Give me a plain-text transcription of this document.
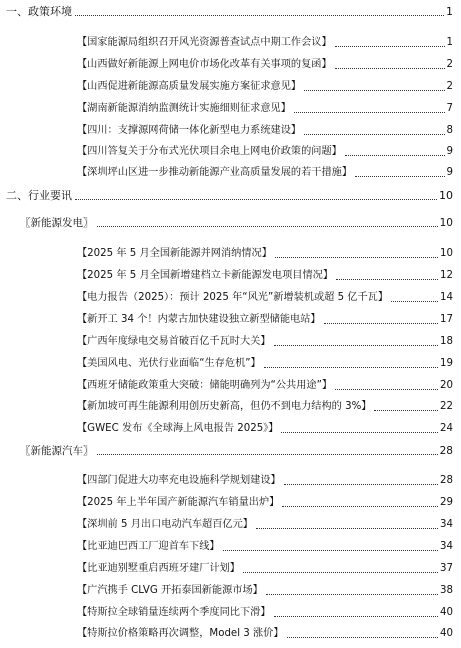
一、政策环境	1
【国家能源局组织召开风光资源普查试点中期工作会议】	1
【山西做好新能源上网电价市场化改革有关事项的复函】	2
【山西促进新能源高质量发展实施方案征求意见】	2
【湖南新能源消纳监测统计实施细则征求意见】	7
【四川：支撑源网荷储一体化新型电力系统建设】	8
【四川答复关于分布式光伏项目余电上网电价政策的问题】	9
【深圳坪山区进一步推动新能源产业高质量发展的若干措施】	9
二、行业要讯	10
〖新能源发电〗	10
【2025 年 5 月全国新能源并网消纳情况】	10
【2025 年 5 月全国新增建档立卡新能源发电项目情况】	12
【电力报告（2025）：预计 2025 年“风光”新增装机或超 5 亿千瓦】	14
【新开工 34 个！内蒙古加快建设独立新型储能电站】	17
【广西年度绿电交易首破百亿千瓦时大关】	18
【美国风电、光伏行业面临“生存危机”】	19
【西班牙储能政策重大突破：储能明确列为“公共用途”】	20
【新加坡可再生能源利用创历史新高，但仍不到电力结构的 3%】	22
【GWEC 发布《全球海上风电报告 2025》】	24
〖新能源汽车〗	28
【四部门促进大功率充电设施科学规划建设】	28
【2025 年上半年国产新能源汽车销量出炉】	29
【深圳前 5 月出口电动汽车超百亿元】	34
【比亚迪巴西工厂迎首车下线】	34
【比亚迪别墅重启西班牙建厂计划】	37
【广汽携手 CLVG 开拓泰国新能源市场】	38
【特斯拉全球销量连续两个季度同比下滑】	40
【特斯拉价格策略再次调整，Model 3 涨价】	40
